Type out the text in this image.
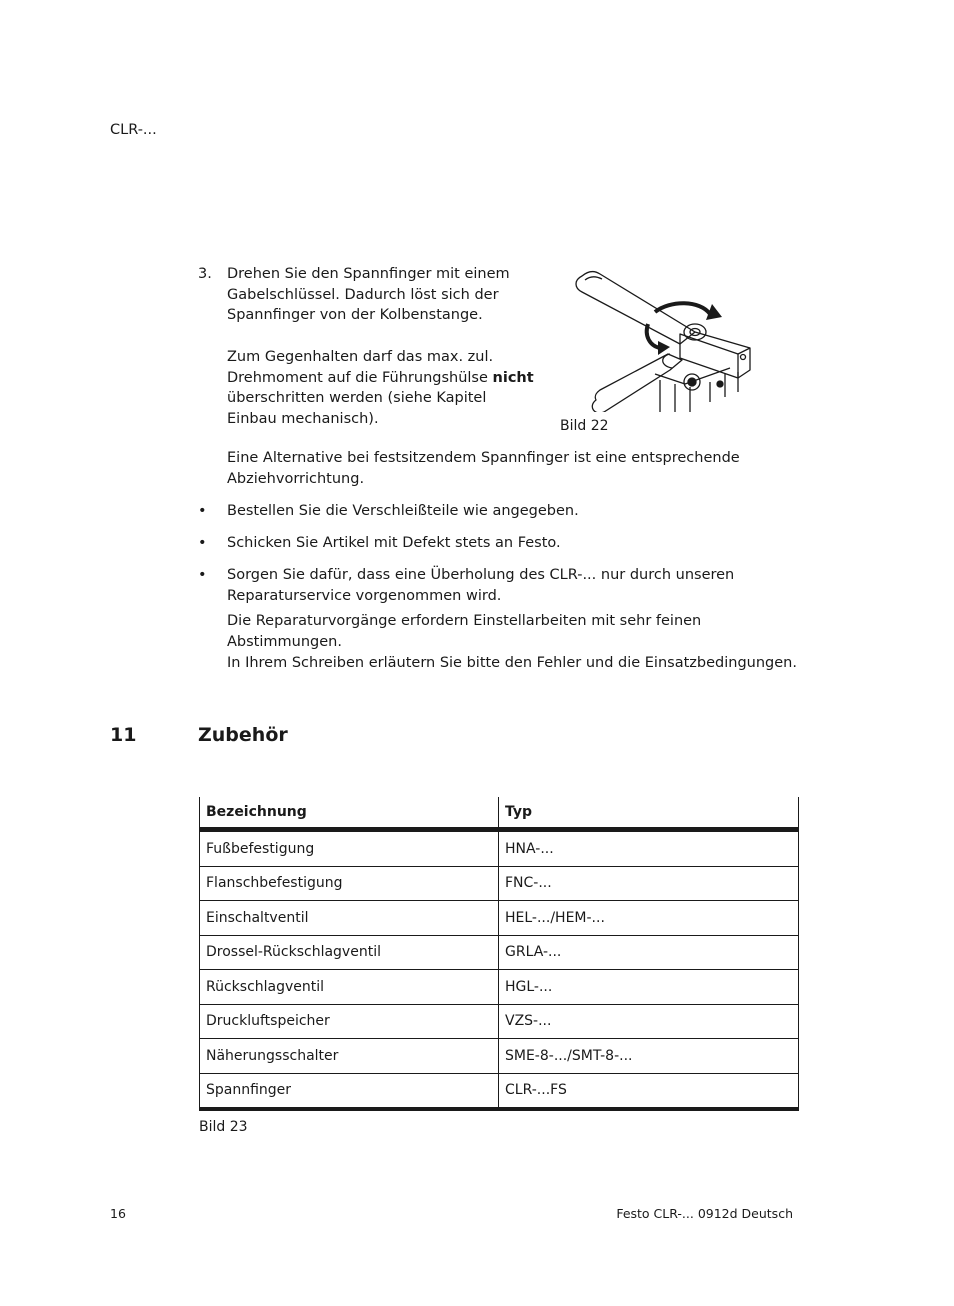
CLR-...
3. Drehen Sie den Spannfinger mit einem
Gabelschlüssel. Dadurch löst sich der
Spannfinger von der Kolbenstange.
Zum Gegenhalten darf das max. zul.
Drehmoment auf die Führungshülse nicht
überschritten werden (siehe Kapitel
Einbau mechanisch).	Bild 22
Eine Alternative bei festsitzendem Spannfinger ist eine entsprechende
Abziehvorrichtung.
• Bestellen Sie die Verschleißteile wie angegeben.
• Schicken Sie Artikel mit Defekt stets an Festo.
• Sorgen Sie dafür, dass eine Überholung des CLR-... nur durch unseren
Reparaturservice vorgenommen wird.
Die Reparaturvorgänge erfordern Einstellarbeiten mit sehr feinen
Abstimmungen.
In Ihrem Schreiben erläutern Sie bitte den Fehler und die Einsatzbedingungen.
11	Zubehör
Bezeichnung	Typ
Fußbefestigung	HNA-...
Flanschbefestigung	FNC-...
Einschaltventil	HEL-.../HEM-...
Drossel-Rückschlagventil	GRLA-...
Rückschlagventil	HGL-...
Druckluftspeicher	VZS-...
Näherungsschalter	SME-8-.../SMT-8-...
Spannfinger	CLR-...FS
Bild 23
16	Festo CLR-... 0912d Deutsch
